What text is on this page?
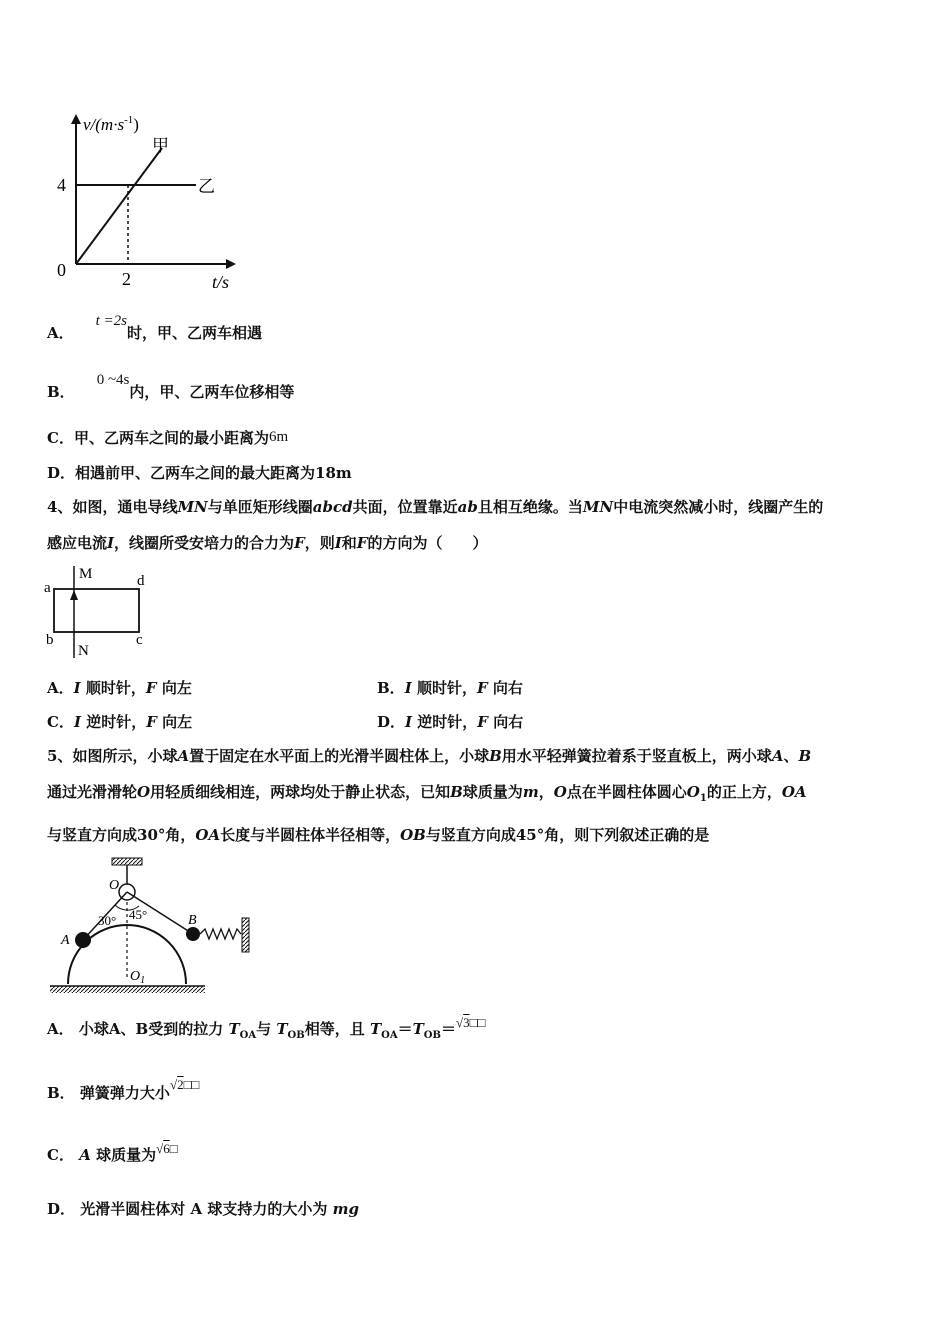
$v/(m\cdot s^{-1})$
甲
乙
4
0	2	t/s
A．t =2s时，甲、乙两车相遇
B．0 ~4s内，甲、乙两车位移相等
C．甲、乙两车之间的最小距离为6m
D．相遇前甲、乙两车之间的最大距离为18m
4、如图，通电导线MN与单匝矩形线圈abcd共面，位置靠近ab且相互绝缘。当MN中电流突然减小时，线圈产生的
感应电流I，线圈所受安培力的合力为F，则I和F的方向为（　　）
a
b	c
d
M
N
A．I 顺时针，F 向左	B．I 顺时针，F 向右
C．I 逆时针，F 向左	D．I 逆时针，F 向右
5、如图所示，小球A置于固定在水平面上的光滑半圆柱体上，小球B用水平轻弹簧拉着系于竖直板上，两小球A、B
通过光滑滑轮O用轻质细线相连，两球均处于静止状态，已知B球质量为m，O点在半圆柱体圆心$O_1$的正上方，OA
与竖直方向成30°角，OA长度与半圆柱体半径相等，OB与竖直方向成45°角，则下列叙述正确的是
O
A
B
30° 45°
$O_1$
A． 小球A、B受到的拉力 $T_{OA}$与 $T_{OB}$相等，且 $T_{OA}=T_{OB}=√3□□$
B． 弹簧弹力大小√2□□
C． A 球质量为√6□
D． 光滑半圆柱体对 A 球支持力的大小为 mg
